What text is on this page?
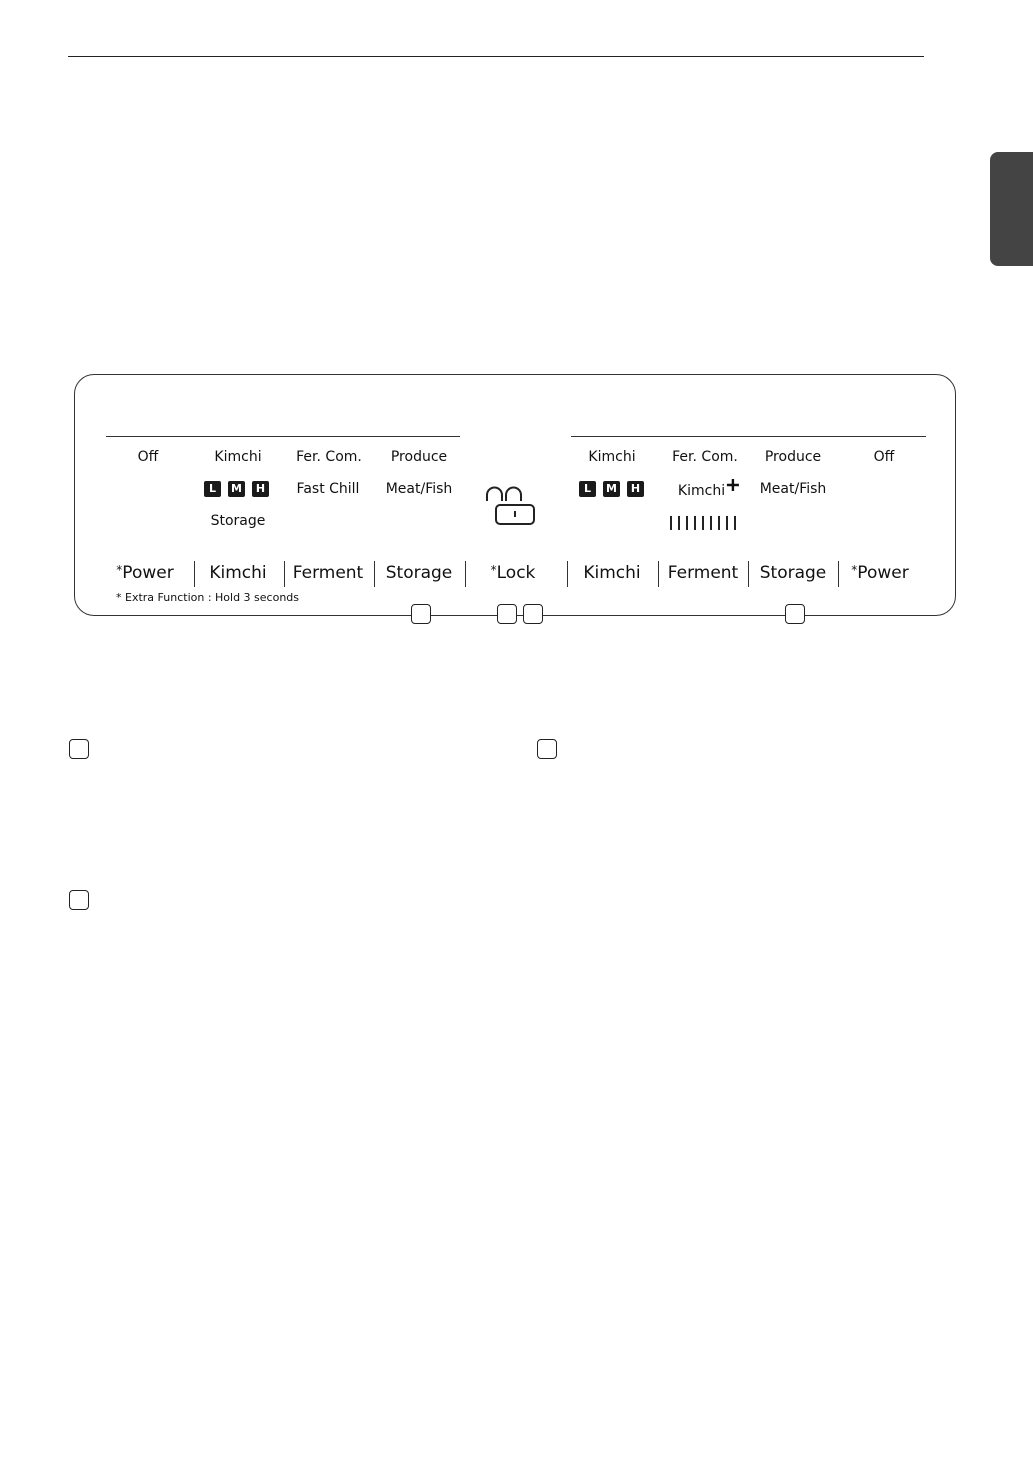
Off	Kimchi Fer. Com. Produce
L	M	H Fast Chill Meat/Fish
Storage
Kimchi	Fer. Com. Produce	Off
L	M	H	Kimchi	Meat/Fish
*Power Kimchi Ferment Storage	*Lock	Kimchi Ferment Storage *Power
* Extra Function : Hold 3 seconds
